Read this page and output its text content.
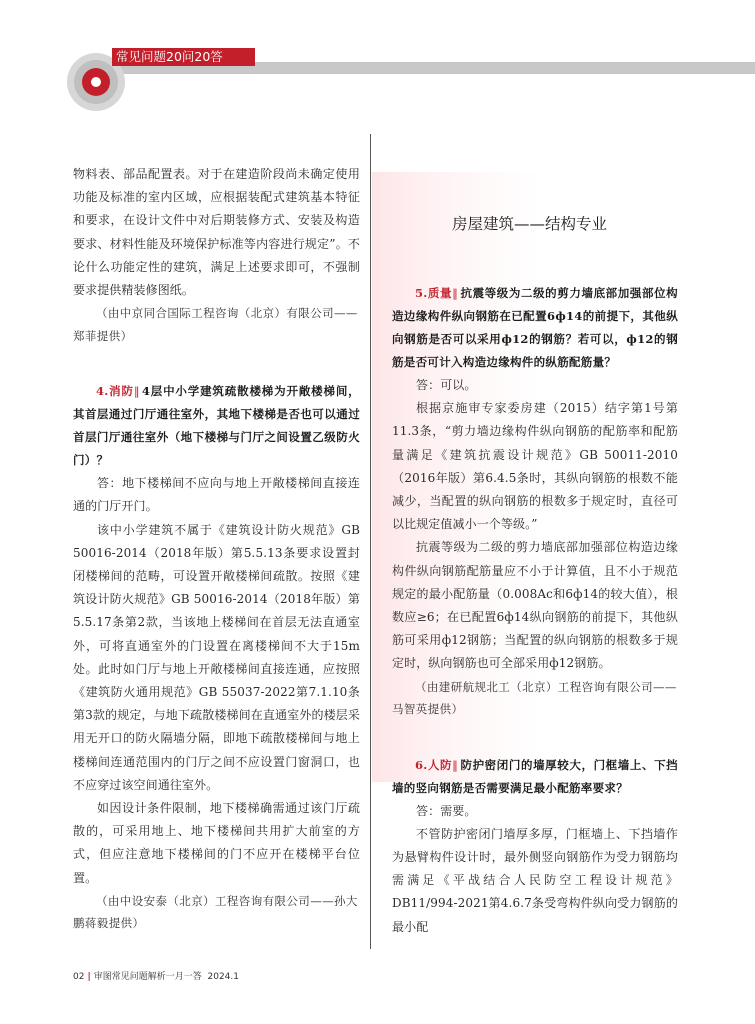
常见问题20问20答
房屋建筑——结构专业

物料表、部品配置表。对于在建造阶段尚未确定使用功能及标准的室内区域，应根据装配式建筑基本特征和要求，在设计文件中对后期装修方式、安装及构造要求、材料性能及环境保护标准等内容进行规定”。不论什么功能定性的建筑，满足上述要求即可，不强制要求提供精装修图纸。

（由中京同合国际工程咨询（北京）有限公司——郑菲提供）

4.消防‖ 4层中小学建筑疏散楼梯为开敞楼梯间，其首层通过门厅通往室外，其地下楼梯是否也可以通过首层门厅通往室外（地下楼梯与门厅之间设置乙级防火门）？

答：地下楼梯间不应向与地上开敞楼梯间直接连通的门厅开门。

该中小学建筑不属于《建筑设计防火规范》GB 50016-2014（2018年版）第5.5.13条要求设置封闭楼梯间的范畴，可设置开敞楼梯间疏散。按照《建筑设计防火规范》GB 50016-2014（2018年版）第5.5.17条第2款，当该地上楼梯间在首层无法直通室外，可将直通室外的门设置在离楼梯间不大于15m处。此时如门厅与地上开敞楼梯间直接连通，应按照《建筑防火通用规范》GB 55037-2022第7.1.10条第3款的规定，与地下疏散楼梯间在直通室外的楼层采用无开口的防火隔墙分隔，即地下疏散楼梯间与地上楼梯间连通范围内的门厅之间不应设置门窗洞口，也不应穿过该空间通往室外。

如因设计条件限制，地下楼梯确需通过该门厅疏散的，可采用地上、地下楼梯间共用扩大前室的方式，但应注意地下楼梯间的门不应开在楼梯平台位置。

（由中设安泰（北京）工程咨询有限公司——孙大鹏蒋毅提供）

5.质量‖ 抗震等级为二级的剪力墙底部加强部位构造边缘构件纵向钢筋在已配置6ф14的前提下，其他纵向钢筋是否可以采用ф12的钢筋？若可以，ф12的钢筋是否可计入构造边缘构件的纵筋配筋量？

答：可以。

根据京施审专家委房建（2015）结字第1号第11.3条，“剪力墙边缘构件纵向钢筋的配筋率和配筋量满足《建筑抗震设计规范》GB 50011-2010（2016年版）第6.4.5条时，其纵向钢筋的根数不能减少，当配置的纵向钢筋的根数多于规定时，直径可以比规定值减小一个等级。”

抗震等级为二级的剪力墙底部加强部位构造边缘构件纵向钢筋配筋量应不小于计算值，且不小于规范规定的最小配筋量（0.008Ac和6ф14的较大值），根数应≥6；在已配置6ф14纵向钢筋的前提下，其他纵筋可采用ф12钢筋；当配置的纵向钢筋的根数多于规定时，纵向钢筋也可全部采用ф12钢筋。

（由建研航规北工（北京）工程咨询有限公司——马智英提供）

6.人防‖ 防护密闭门的墙厚较大，门框墙上、下挡墙的竖向钢筋是否需要满足最小配筋率要求？

答：需要。

不管防护密闭门墙厚多厚，门框墙上、下挡墙作为悬臂构件设计时，最外侧竖向钢筋作为受力钢筋均需满足《平战结合人民防空工程设计规范》DB11/994-2021第4.6.7条受弯构件纵向受力钢筋的最小配

02 | 审图常见问题解析一月一答 2024.1
